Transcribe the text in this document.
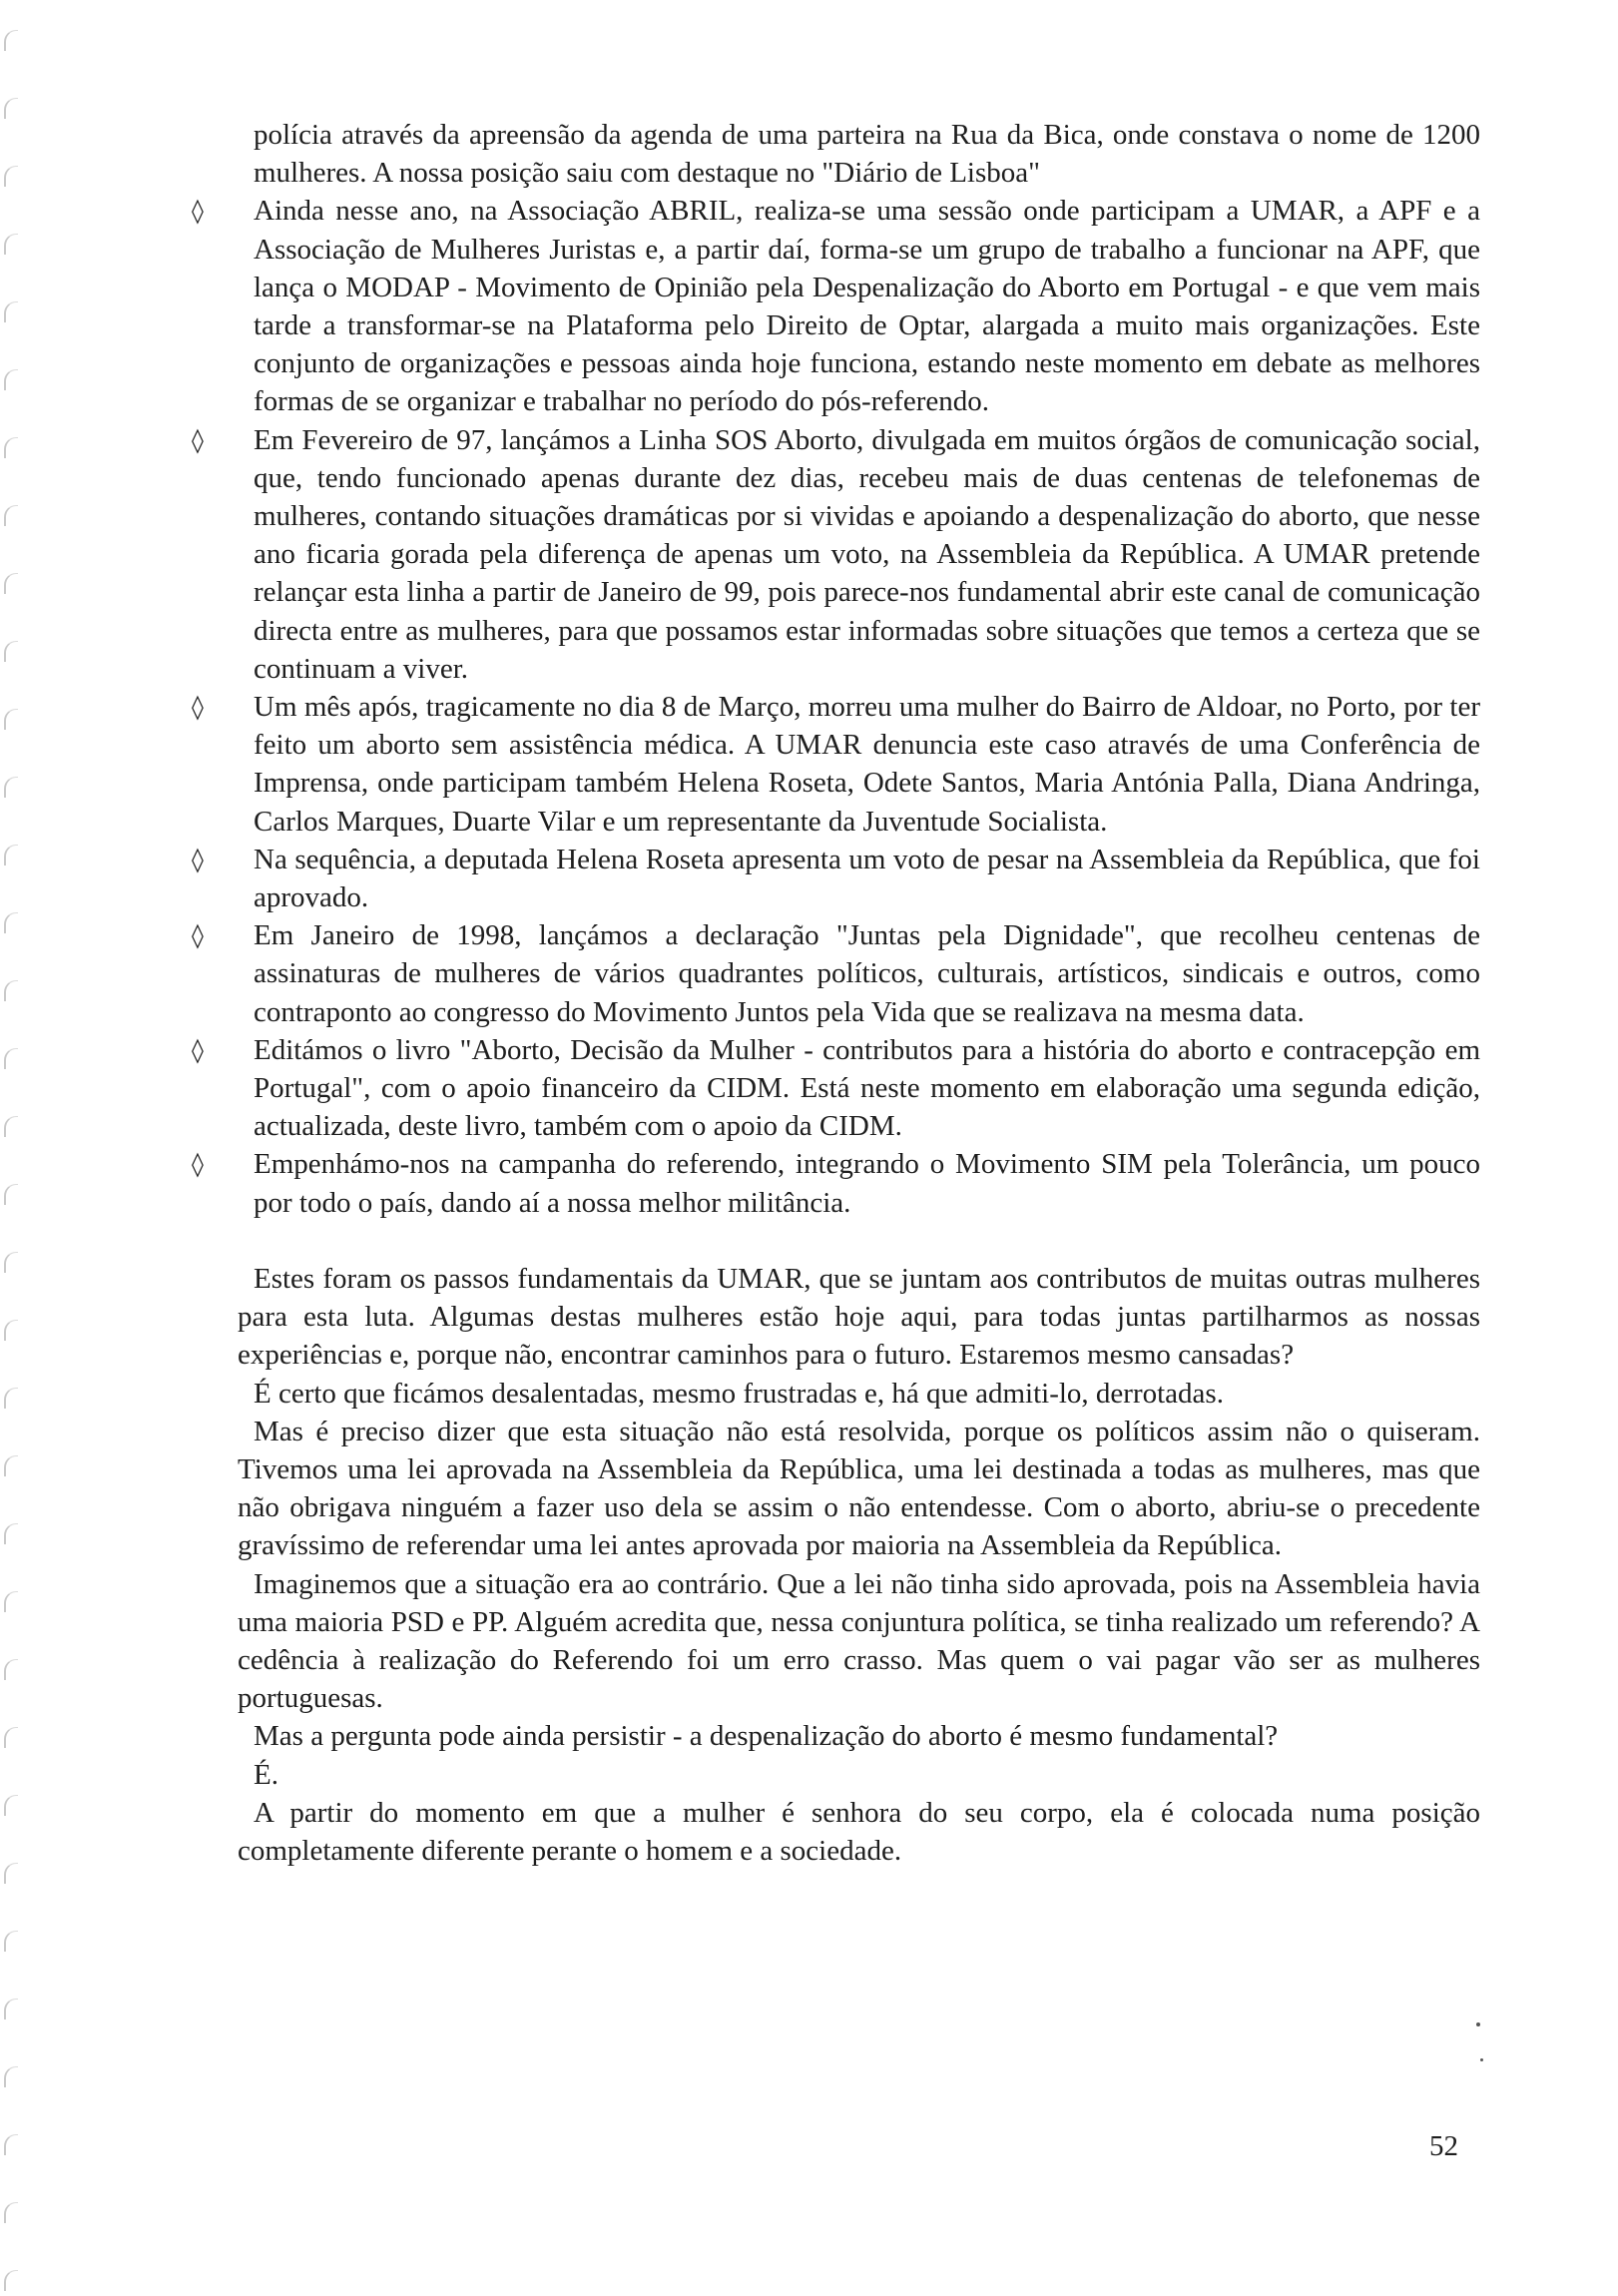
polícia através da apreensão da agenda de uma parteira na Rua da Bica, onde constava o nome de 1200 mulheres. A nossa posição saiu com destaque no "Diário de Lisboa"
◊ Ainda nesse ano, na Associação ABRIL, realiza-se uma sessão onde participam a UMAR, a APF e a Associação de Mulheres Juristas e, a partir daí, forma-se um grupo de trabalho a funcionar na APF, que lança o MODAP - Movimento de Opinião pela Despenalização do Aborto em Portugal - e que vem mais tarde a transformar-se na Plataforma pelo Direito de Optar, alargada a muito mais organizações. Este conjunto de organizações e pessoas ainda hoje funciona, estando neste momento em debate as melhores formas de se organizar e trabalhar no período do pós-referendo.
◊ Em Fevereiro de 97, lançámos a Linha SOS Aborto, divulgada em muitos órgãos de comunicação social, que, tendo funcionado apenas durante dez dias, recebeu mais de duas centenas de telefonemas de mulheres, contando situações dramáticas por si vividas e apoiando a despenalização do aborto, que nesse ano ficaria gorada pela diferença de apenas um voto, na Assembleia da República. A UMAR pretende relançar esta linha a partir de Janeiro de 99, pois parece-nos fundamental abrir este canal de comunicação directa entre as mulheres, para que possamos estar informadas sobre situações que temos a certeza que se continuam a viver.
◊ Um mês após, tragicamente no dia 8 de Março, morreu uma mulher do Bairro de Aldoar, no Porto, por ter feito um aborto sem assistência médica. A UMAR denuncia este caso através de uma Conferência de Imprensa, onde participam também Helena Roseta, Odete Santos, Maria Antónia Palla, Diana Andringa, Carlos Marques, Duarte Vilar e um representante da Juventude Socialista.
◊ Na sequência, a deputada Helena Roseta apresenta um voto de pesar na Assembleia da República, que foi aprovado.
◊ Em Janeiro de 1998, lançámos a declaração "Juntas pela Dignidade", que recolheu centenas de assinaturas de mulheres de vários quadrantes políticos, culturais, artísticos, sindicais e outros, como contraponto ao congresso do Movimento Juntos pela Vida que se realizava na mesma data.
◊ Editámos o livro "Aborto, Decisão da Mulher - contributos para a história do aborto e contracepção em Portugal", com o apoio financeiro da CIDM. Está neste momento em elaboração uma segunda edição, actualizada, deste livro, também com o apoio da CIDM.
◊ Empenhámo-nos na campanha do referendo, integrando o Movimento SIM pela Tolerância, um pouco por todo o país, dando aí a nossa melhor militância.

Estes foram os passos fundamentais da UMAR, que se juntam aos contributos de muitas outras mulheres para esta luta. Algumas destas mulheres estão hoje aqui, para todas juntas partilharmos as nossas experiências e, porque não, encontrar caminhos para o futuro. Estaremos mesmo cansadas?

É certo que ficámos desalentadas, mesmo frustradas e, há que admiti-lo, derrotadas.

Mas é preciso dizer que esta situação não está resolvida, porque os políticos assim não o quiseram. Tivemos uma lei aprovada na Assembleia da República, uma lei destinada a todas as mulheres, mas que não obrigava ninguém a fazer uso dela se assim o não entendesse. Com o aborto, abriu-se o precedente gravíssimo de referendar uma lei antes aprovada por maioria na Assembleia da República.

Imaginemos que a situação era ao contrário. Que a lei não tinha sido aprovada, pois na Assembleia havia uma maioria PSD e PP. Alguém acredita que, nessa conjuntura política, se tinha realizado um referendo? A cedência à realização do Referendo foi um erro crasso. Mas quem o vai pagar vão ser as mulheres portuguesas.

Mas a pergunta pode ainda persistir - a despenalização do aborto é mesmo fundamental?

É.

A partir do momento em que a mulher é senhora do seu corpo, ela é colocada numa posição completamente diferente perante o homem e a sociedade.

52
